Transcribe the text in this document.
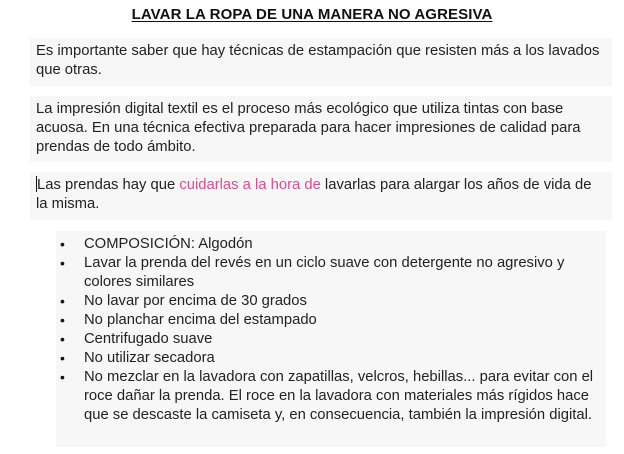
LAVAR LA ROPA DE UNA MANERA NO AGRESIVA
Es importante saber que hay técnicas de estampación que resisten más a los lavados que otras.
La impresión digital textil es el proceso más ecológico que utiliza tintas con base acuosa. En una técnica efectiva preparada para hacer impresiones de calidad para prendas de todo ámbito.
Las prendas hay que cuidarlas a la hora de lavarlas para alargar los años de vida de la misma.
• COMPOSICIÓN: Algodón
• Lavar la prenda del revés en un ciclo suave con detergente no agresivo y colores similares
• No lavar por encima de 30 grados
• No planchar encima del estampado
• Centrifugado suave
• No utilizar secadora
• No mezclar en la lavadora con zapatillas, velcros, hebillas... para evitar con el roce dañar la prenda. El roce en la lavadora con materiales más rígidos hace que se descaste la camiseta y, en consecuencia, también la impresión digital.
